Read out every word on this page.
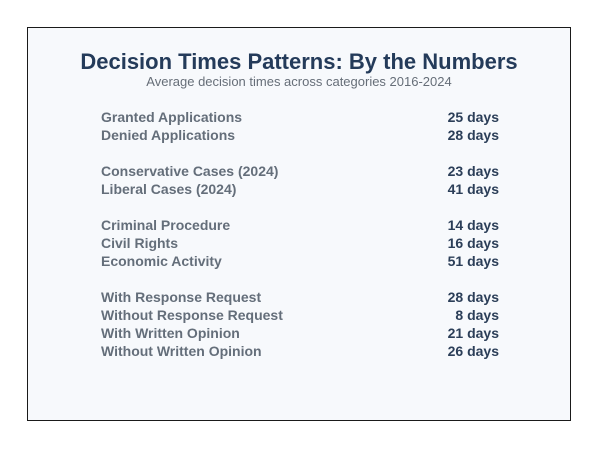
Decision Times Patterns: By the Numbers
Average decision times across categories 2016-2024
Granted Applications	25 days
Denied Applications	28 days
Conservative Cases (2024)	23 days
Liberal Cases (2024)	41 days
Criminal Procedure	14 days
Civil Rights	16 days
Economic Activity	51 days
With Response Request	28 days
Without Response Request	8 days
With Written Opinion	21 days
Without Written Opinion	26 days
